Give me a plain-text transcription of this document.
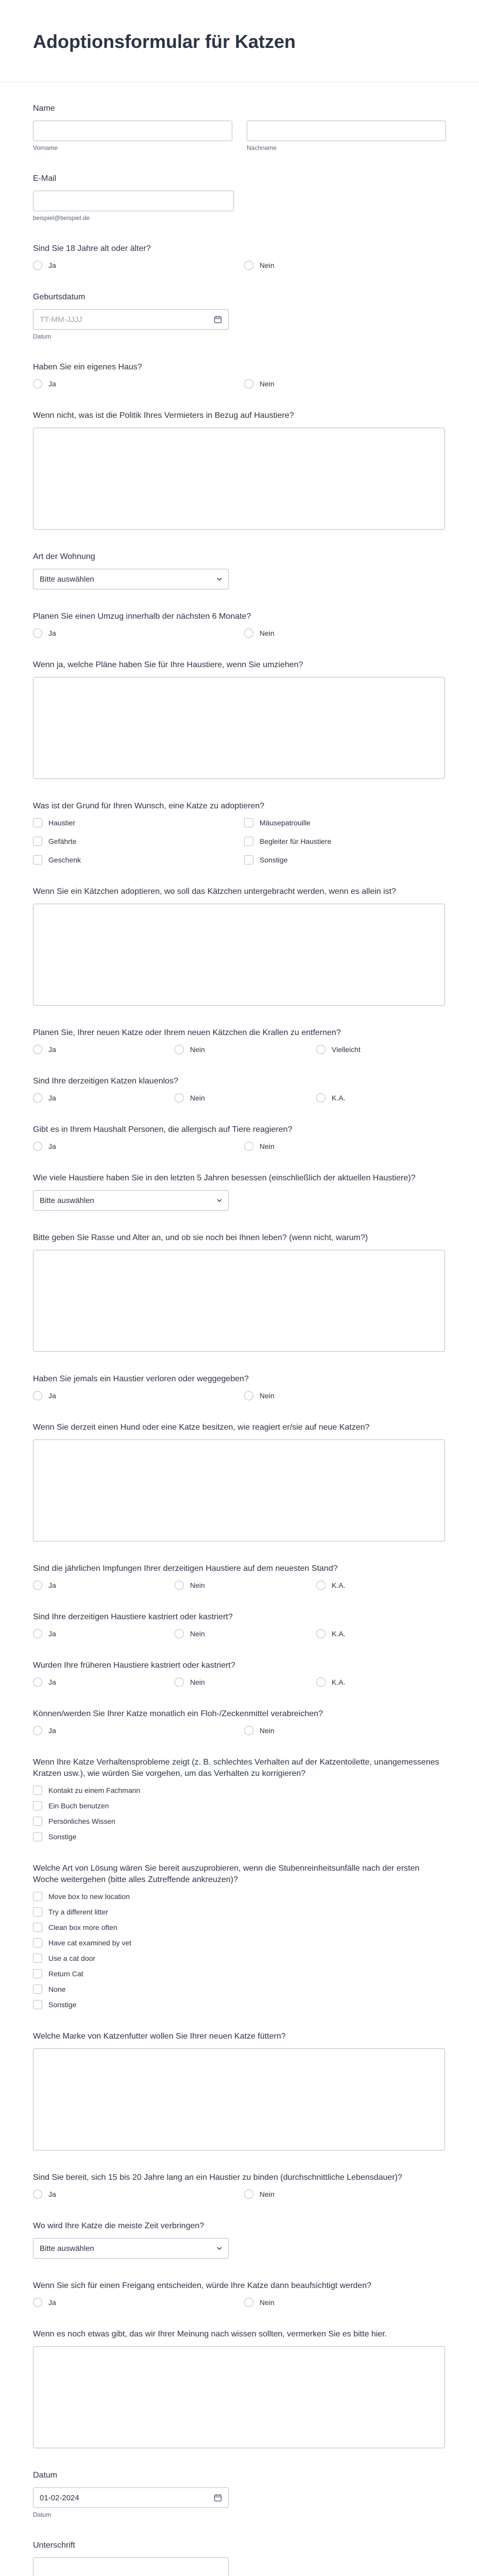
Adoptionsformular für Katzen
Name
Vorname	Nachname
E-Mail
beispiel@beispiel.de
Sind Sie 18 Jahre alt oder älter?
Ja	Nein
Geburtsdatum
TT-MM-JJJJ
Datum
Haben Sie ein eigenes Haus?
Ja	Nein
Wenn nicht, was ist die Politik Ihres Vermieters in Bezug auf Haustiere?
Art der Wohnung
Bitte auswählen
Planen Sie einen Umzug innerhalb der nächsten 6 Monate?
Ja	Nein
Wenn ja, welche Pläne haben Sie für Ihre Haustiere, wenn Sie umziehen?
Was ist der Grund für Ihren Wunsch, eine Katze zu adoptieren?
Haustier	Mäusepatrouille
Gefährte	Begleiter für Haustiere
Geschenk	Sonstige
Wenn Sie ein Kätzchen adoptieren, wo soll das Kätzchen untergebracht werden, wenn es allein ist?
Planen Sie, Ihrer neuen Katze oder Ihrem neuen Kätzchen die Krallen zu entfernen?
Ja	Nein	Vielleicht
Sind Ihre derzeitigen Katzen klauenlos?
Ja	Nein	K.A.
Gibt es in Ihrem Haushalt Personen, die allergisch auf Tiere reagieren?
Ja	Nein
Wie viele Haustiere haben Sie in den letzten 5 Jahren besessen (einschließlich der aktuellen Haustiere)?
Bitte auswählen
Bitte geben Sie Rasse und Alter an, und ob sie noch bei Ihnen leben? (wenn nicht, warum?)
Haben Sie jemals ein Haustier verloren oder weggegeben?
Ja	Nein
Wenn Sie derzeit einen Hund oder eine Katze besitzen, wie reagiert er/sie auf neue Katzen?
Sind die jährlichen Impfungen Ihrer derzeitigen Haustiere auf dem neuesten Stand?
Ja	Nein	K.A.
Sind Ihre derzeitigen Haustiere kastriert oder kastriert?
Ja	Nein	K.A.
Wurden Ihre früheren Haustiere kastriert oder kastriert?
Ja	Nein	K.A.
Können/werden Sie Ihrer Katze monatlich ein Floh-/Zeckenmittel verabreichen?
Ja	Nein
Wenn Ihre Katze Verhaltensprobleme zeigt (z. B. schlechtes Verhalten auf der Katzentoilette, unangemessenes Kratzen usw.), wie würden Sie vorgehen, um das Verhalten zu korrigieren?
Kontakt zu einem Fachmann
Ein Buch benutzen
Persönliches Wissen
Sonstige
Welche Art von Lösung wären Sie bereit auszuprobieren, wenn die Stubenreinheitsunfälle nach der ersten Woche weitergehen (bitte alles Zutreffende ankreuzen)?
Move box to new location
Try a different litter
Clean box more often
Have cat examined by vet
Use a cat door
Return Cat
None
Sonstige
Welche Marke von Katzenfutter wollen Sie Ihrer neuen Katze füttern?
Sind Sie bereit, sich 15 bis 20 Jahre lang an ein Haustier zu binden (durchschnittliche Lebensdauer)?
Ja	Nein
Wo wird Ihre Katze die meiste Zeit verbringen?
Bitte auswählen
Wenn Sie sich für einen Freigang entscheiden, würde Ihre Katze dann beaufsichtigt werden?
Ja	Nein
Wenn es noch etwas gibt, das wir Ihrer Meinung nach wissen sollten, vermerken Sie es bitte hier.
Datum
01-02-2024
Datum
Unterschrift
